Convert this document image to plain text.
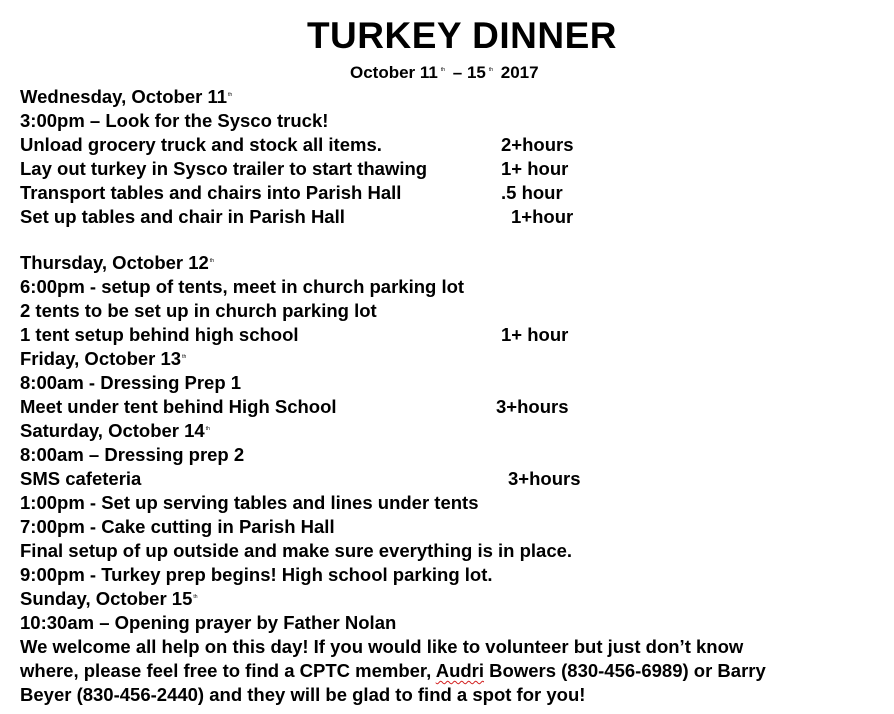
TURKEY DINNER
October 11 $^{th}$ – 15 $^{th}$ 2017
Wednesday, October 11th
3:00pm – Look for the Sysco truck!
Unload grocery truck and stock all items.	2+hours
Lay out turkey in Sysco trailer to start thawing	1+ hour
Transport tables and chairs into Parish Hall	.5 hour
Set up tables and chair in Parish Hall	1+hour
Thursday, October 12th
6:00pm - setup of tents, meet in church parking lot
2 tents to be set up in church parking lot
1 tent setup behind high school	1+ hour
Friday, October 13th
8:00am - Dressing Prep 1
Meet under tent behind High School	3+hours
Saturday, October 14th
8:00am – Dressing prep 2
SMS cafeteria	3+hours
1:00pm - Set up serving tables and lines under tents
7:00pm - Cake cutting in Parish Hall
Final setup of up outside and make sure everything is in place.
9:00pm - Turkey prep begins! High school parking lot.
Sunday, October 15th
10:30am – Opening prayer by Father Nolan
We welcome all help on this day! If you would like to volunteer but just don’t know
where, please feel free to find a CPTC member, Audri Bowers (830-456-6989) or Barry
Beyer (830-456-2440) and they will be glad to find a spot for you!
